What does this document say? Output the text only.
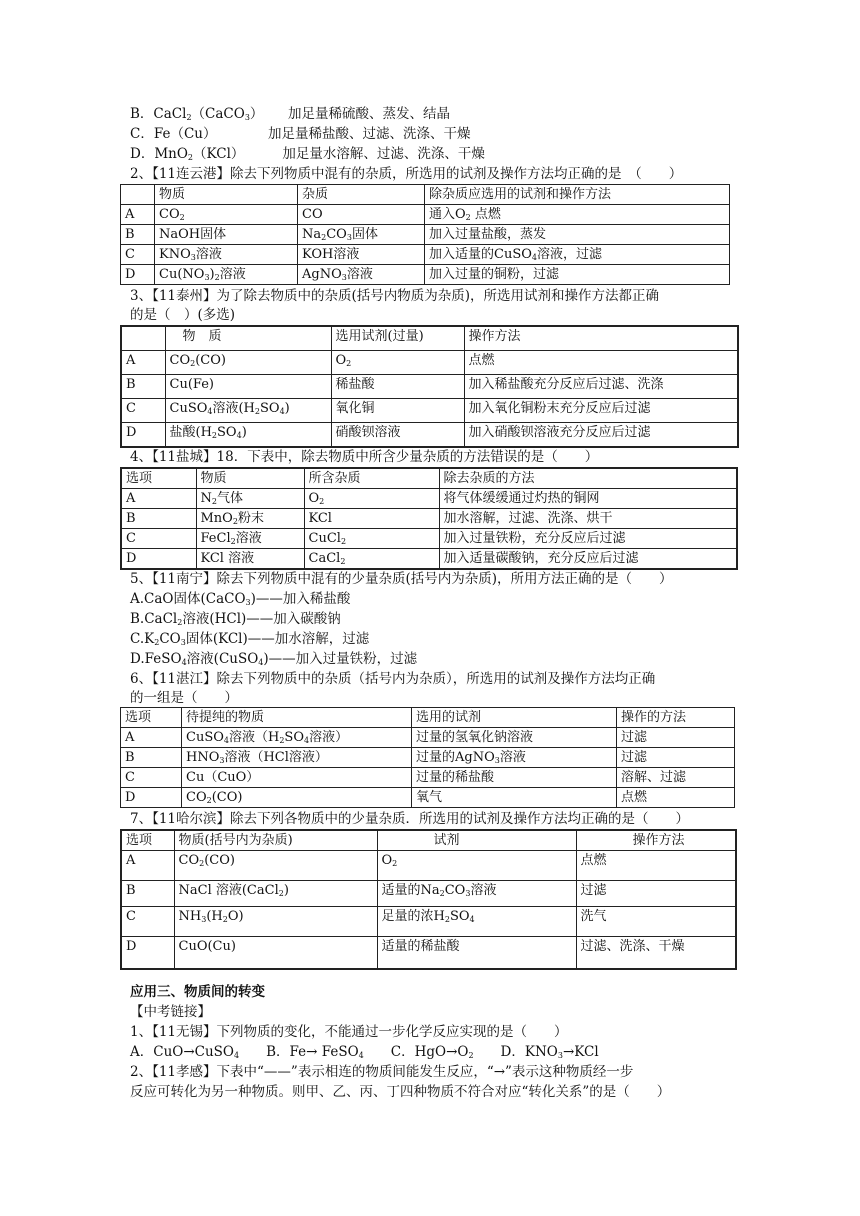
B．CaCl$_2$（CaCO$_3$）　　 加足量稀硫酸、蒸发、结晶
C．Fe（Cu）　　　　 加足量稀盐酸、过滤、洗涤、干燥
D．MnO$_2$（KCl）　　　 加足量水溶解、过滤、洗涤、干燥
2、【11连云港】除去下列物质中混有的杂质，所选用的试剂及操作方法均正确的是　（　　）
3、【11泰州】为了除去物质中的杂质(括号内物质为杂质)，所选用试剂和操作方法都正确
的是（　）(多选)
4、【11盐城】18．下表中，除去物质中所含少量杂质的方法错误的是（　　）
5、【11南宁】除去下列物质中混有的少量杂质(括号内为杂质)，所用方法正确的是（　　）
A.CaO固体(CaCO$_3$)——加入稀盐酸
B.CaCl$_2$溶液(HCl)——加入碳酸钠
$C.K_2CO_3$固体(KCl)——加水溶解，过滤
D.FeSO$_4$溶液(CuSO$_4$)——加入过量铁粉，过滤
6、【11湛江】除去下列物质中的杂质（括号内为杂质），所选用的试剂及操作方法均正确
的一组是（　　）
7、【11哈尔滨】除去下列各物质中的少量杂质．所选用的试剂及操作方法均正确的是（　　）
应用三、物质间的转变
【中考链接】
1、【11无锡】下列物质的变化，不能通过一步化学反应实现的是（　　）
A．CuO→CuSO$_4$　　B．Fe→ FeSO$_4$　　C．$HgO\to O_2$　　D．$KNO_3\to KCl$
2、【11孝感】下表中“——”表示相连的物质间能发生反应，“→”表示这种物质经一步
反应可转化为另一种物质。则甲、乙、丙、丁四种物质不符合对应“转化关系”的是（　　）
	物质	杂质	除杂质应选用的试剂和操作方法
A	$CO_2$	CO	通入$O_2$ 点燃
B	NaOH固体	$Na_2CO_3$固体	加入过量盐酸，蒸发
C	$KNO_3$溶液	KOH溶液	加入适量的CuSO$_4$溶液，过滤
D	$Cu(NO_3)_2$溶液	AgNO$_3$溶液	加入过量的铜粉，过滤
	　物　质	选用试剂(过量)	操作方法
A	$CO_2(CO)$	$O_2$	点燃
B	Cu(Fe)	稀盐酸	加入稀盐酸充分反应后过滤、洗涤
C	CuSO$_4$溶液$(H_2SO_4)$	氧化铜	加入氧化铜粉末充分反应后过滤
D	盐酸$(H_2SO_4)$	硝酸钡溶液	加入硝酸钡溶液充分反应后过滤
选项	物质	所含杂质	除去杂质的方法
A	$N_2$气体	$O_2$	将气体缓缓通过灼热的铜网
B	MnO$_2$粉末	KCl	加水溶解，过滤、洗涤、烘干
C	FeCl$_2$溶液	CuCl$_2$	加入过量铁粉，充分反应后过滤
D	KCl 溶液	CaCl$_2$	加入适量碳酸钠，充分反应后过滤
选项	待提纯的物质	选用的试剂	操作的方法
A	CuSO$_4$溶液（$H_2SO_4$溶液）	过量的氢氧化钠溶液	过滤
B	$HNO_3$溶液（HCl溶液）	过量的AgNO$_3$溶液	过滤
C	Cu（CuO）	过量的稀盐酸	溶解、过滤
D	$CO_2(CO)$	氧气	点燃
选项	物质(括号内为杂质)	　　　　试剂	　　　　操作方法
A	$CO_2(CO)$	$O_2$	点燃
B	NaCl 溶液(CaCl$_2$)	适量的$Na_2CO_3$溶液	过滤
C	$NH_3(H_2O)$	足量的浓$H_2SO_4$	洗气
D	CuO(Cu)	适量的稀盐酸	过滤、洗涤、干燥
